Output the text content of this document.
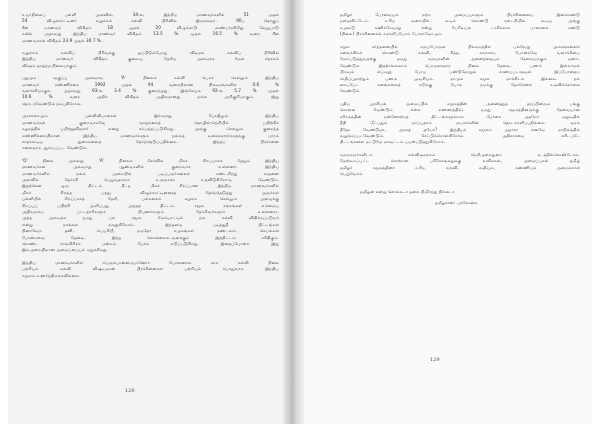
உயர்நிலைப் பள்ளி அளவில், 34-ல், இந்திய மாணவர்களில் 51 முதல்
54 விழுக்காட்டினர் வழக்கம் கல்வி பிரிவில் இருக்கவர். 90ப தொகுப்
சீன மாணவர் விகிதம் 18 முதல் 20 விழுக்காடு. மாண்பர்ரசிறிது வேறுபாடு
கலில் அதாவது இந்திய மாணவர் விகிதம் 13.5 % முதல் 16.5 % வரை. சீன
மாணவர்கள் விகிதம் 23.9 முதல் 30.7 % .
வழக்கம் கல்விப் பிரிவுக்கு ஒப்பிடும்போது விவரம் கல்விப் பிரிவில்
இந்திய மாணவர் விகிதம் குறைவு. தேசிய அளவுக்க மேல் தொகம்
விகதம் தாழ்ந்த நிலையாகும்.
புதுமுக வகுப்பு அளவாவ 'A' நிலைக் கல்வி பெறச் செல்லும் இந்திய
மாணவர் எண்ணிக்கை 1992 முதல் 94 வரையிலான நிலவரங்களில் 0.6 %
வளர்ச்சியாகும். அதாவது 93-ல் 3.4 % குறைந்தது. இங்கேயும் 92-ல் 5.7 % முதல்
10.6 % வரை அதிக விகிதம் அதிகமானது நல்ல அறிகுறியாகும். இது
தொடரவேண்டும் நம்புகிறோம்.
அரசாங்கமும் புள்ளிவிபரங்கள் இவ்வாறு போதிலும் இந்திய
மாணவர்கள் குறைவாகவே வாழ்க்கைத் தொழில்-நெறியில் பயிற்சிக்
கழகத்தில் பயிற்றுவிதரார் என்று சம்பந்தப்படுகிறது. அங்கு செல்லும் குறைந்த
எண்ணிக்கையிலான இந்திய மாணவர்களும் நல்லத் வகைக்காரர்களுக்கு பாரம்
சாதக்கூடிய துறைகளைத் தேர்ந்தெடுப்பதில்லை. இந்தப் பிரச்சனை
களைவாக ஆராயப்பட வேண்டும்.
'O' நிலை அல்லது 'A' நிலைக் கேர்வில் மிகச் சிறப்பாகக் தேறும் இந்திய
மாணவர்கள் அவ்வாறு ஆண்டிகளில் குறைவாக உள்ளனர். இந்திய
மாணவர்களில் நல்ல முறையில் படிப்பவர்களைக் கண்டறிந்து சாதனை
அளவில் தேர்ச்சி பெறுவதாராக உருவாக்க உதவிடுகிறோம், வேண்டும்.
இதற்கென ஒரு திட்டம் தீட்டி மிகச் சிறப்பான இந்திய மாணவர்களில்
மிகச் சிறந்த பத்து விழுக்காட்டினரைத் தேர்ந்தெடுத்து அவர்கள்
பள்ளியில் சிறப்பாகத் தேறி, பல்கலைக் கழகம் செல்லும் அளவுக்கு
சிறப்புப் பயிற்சி அளிப்பது அந்தத் திட்டம். சமூக சங்கங்கள் எம்மையு
அதிகமாகப் பட்டதாரிகளும் நிபுணர்களும் தோறிவர்களும் உள்ளனரா,
அந்த அளவுக்க நமது பல சமூக மேம்பாட்டில் நம் கல்வி விதிக்கப்படுவர்
என்று நாங்கள் கருதுகிறோம். இந்தளவு படித்துதீ திட்டங்கள்
நிறைவேற தனி, பெயரியீ, நடிதோ சமுகங்கள் மண்டலம், செயல்கள்
போன்றவை தேவை. இந்த கொள்கைகடவளக்கும் இத்திட்டம் சரிதிகும்.
கொண்ட காங்கிரிக்க மன்றம் பேச்சு எடுப்படுகிறது. இதைப்போன்ற இது
இம்முறையிலான அமைப்பையும் ஏதுக்கிறது.
இந்திய மாணவர்களில் பெரும்பான்மையானோர் போஸனால காக கல்வி நிலை
பற்றியும் கல்வி விஷயமான பிரச்சினைகள் பற்றியும் பொதுவாக இந்திய
சமூகம் உணர்ந்திருக்கவில்லை.
120
தமிழர் பேரவையும் மற்ற அமைப்புகளும் பிரச்சினையை இனம்கண்டு
நமைவிட்டேம். உரிய வகையில் கூடிக் கொண்டு கடைசியில் கூடிய அங்கு
சமுகூடு கணிக்கேவாழ என்று பேரிடியும் டாசிக்கால பாசைகை கண்டு
(நிலை) பிரச்சினைகள் சமாளிப்போம் போராவோமும்.
சமூக சர்ந்தனையில் கருப்போருள நிலவாத்தில் பல்வேறு அம்சங்களைக்
கலைக்கிலக் கொண்டு கல்வி, சித்த, கலாசார, போன்றவே வளர்ச்சியை
மேம்படுத்துவதற்கு தமது வரவுகளின் அனைத்தையும் தேவையாகும் மனம்.
வேண்டும். இதற்கெல்லாம் பொருளாதார நிலை தேவை. பணம் இல்லாமல்
பிறவும் எய்வுது போய பண்டுதோறும் காணப்படாதவல் இப்போதைய
சாதிப்புதாற்றும் பணம் அவசியம். நாமும் சமூக மாக்கிடம் இல்லை. நல்
கைப்பேட சனங்களைத் எடுக்கு போல நமக்கு தோரேணக் உதவிக்கொள்ள
வேண்டும்.
புதிய அரசியல் அமைப்பில் சமூகத்தின் அனைத்துத் தரப்பினரும் பங்கு
கொள்ள வேண்டும் என்ற எண்ணத்தில், நமது சமூகத்தினருக்கு தேவையான
சரிசமத்தின் நன்னோற்றத் திட்டங்களுக்காக பேச்சை அதறோ மறுவதில்
நீதி மீட்பதும் மாப்புதாம் மயரர்களின் தொடர்களிப்பதில்லை. வரம்
தீதோ வேண்டுமா, அரசுத் தயோ? இந்தியச் சமூகம் அதாரா எனவே மாநிலத்தில்
வழங்கப்படவேண்டும். கேட்டுக்கொள்கிறோம். அதிகாரமை கரிடப்டே
திட்டங்களை மட்டுமே மாவட்டம் பயன்படுத்துகிறோம்.
வரவரவர்களிடம் கல்விசூரங்கம் நெறிமுறைதுறை நடத்தில்கொண்டோம்.
மேற்கூறப்பட்ட சொற்றன் பரிசேகங்கலுக்கு உவிசுகள், அமைப்புகள் தமிழ்
தமிழர் சமூகத்தினர் உரிய கருவி, கூதியும், கண்ணியம் அமைக்காள்
பெறுவோம்.
தமிழன் என்று சொல்லடா தலை நிமிர்ந்து நில்லடா
தமிழரசன்: புக்கோலை
129
